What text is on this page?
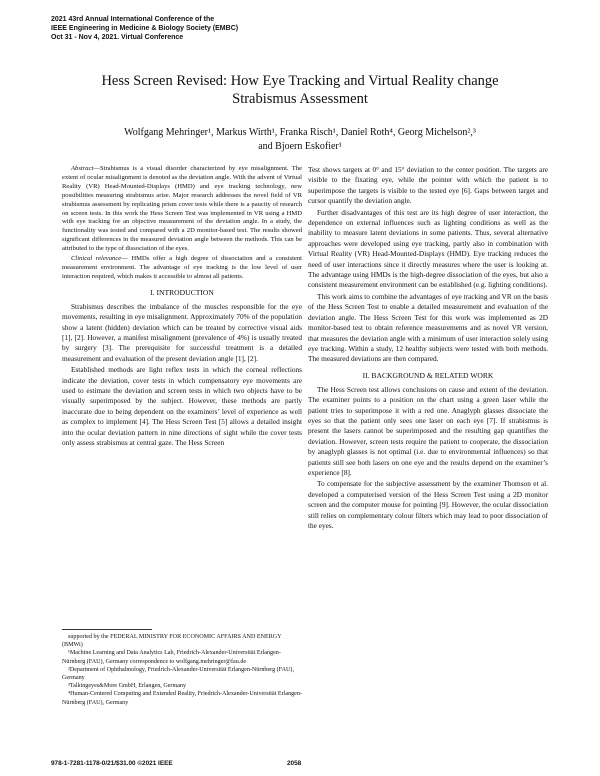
2021 43rd Annual International Conference of the
IEEE Engineering in Medicine & Biology Society (EMBC)
Oct 31 - Nov 4, 2021. Virtual Conference
Hess Screen Revised: How Eye Tracking and Virtual Reality change
Strabismus Assessment
Wolfgang Mehringer¹, Markus Wirth¹, Franka Risch¹, Daniel Roth⁴, Georg Michelson²,³
and Bjoern Eskofier¹

Abstract—Strabismus is a visual disorder characterized by eye misalignment. The extent of ocular misalignment is denoted as the deviation angle. With the advent of Virtual Reality (VR) Head-Mounted-Displays (HMD) and eye tracking technology, new possibilities measuring strabismus arise. Major research addresses the novel field of VR strabismus assessment by replicating prism cover tests while there is a paucity of research on screen tests. In this work the Hess Screen Test was implemented in VR using a HMD with eye tracking for an objective measurement of the deviation angle. In a study, the functionality was tested and compared with a 2D monitor-based test. The results showed significant differences in the measured deviation angle between the methods. This can be attributed to the type of dissociation of the eyes.

Clinical relevance— HMDs offer a high degree of dissociation and a consistent measurement environment. The advantage of eye tracking is the low level of user interaction required, which makes it accessible to almost all patients.

I. INTRODUCTION

Strabismus describes the imbalance of the muscles responsible for the eye movements, resulting in eye misalignment. Approximately 70% of the population show a latent (hidden) deviation which can be treated by corrective visual aids [1], [2]. However, a manifest misalignment (prevalence of 4%) is usually treated by surgery [3]. The prerequisite for successful treatment is a detailed measurement and evaluation of the present deviation angle [1], [2].

Established methods are light reflex tests in which the corneal reflections indicate the deviation, cover tests in which compensatory eye movements are used to estimate the deviation and screen tests in which two objects have to be visually superimposed by the subject. However, these methods are partly inaccurate due to being dependent on the examiners’ level of experience as well as complex to implement [4]. The Hess Screen Test [5] allows a detailed insight into the ocular deviation pattern in nine directions of sight while the cover tests only assess strabismus at central gaze. The Hess Screen

Test shows targets at 0° and 15° deviation to the center position. The targets are visible to the fixating eye, while the pointer with which the patient is to superimpose the targets is visible to the tested eye [6]. Gaps between target and cursor quantify the deviation angle.

Further disadvantages of this test are its high degree of user interaction, the dependence on external influences such as lighting conditions as well as the inability to measure latent deviations in some patients. Thus, several alternative approaches were developed using eye tracking, partly also in combination with Virtual Reality (VR) Head-Mounted-Displays (HMD). Eye tracking reduces the need of user interactions since it directly measures where the user is looking at. The advantage using HMDs is the high-degree dissociation of the eyes, but also a consistent measurement environment can be established (e.g. lighting conditions).

This work aims to combine the advantages of eye tracking and VR on the basis of the Hess Screen Test to enable a detailed measurement and evaluation of the deviation angle. The Hess Screen Test for this work was implemented as 2D monitor-based test to obtain reference measurements and as novel VR version, that measures the deviation angle with a minimum of user interaction solely using eye tracking. Within a study, 12 healthy subjects were tested with both methods. The measured deviations are then compared.

II. BACKGROUND & RELATED WORK

The Hess Screen test allows conclusions on cause and extent of the deviation. The examiner points to a position on the chart using a green laser while the patient tries to superimpose it with a red one. Anaglyph glasses dissociate the eyes so that the patient only sees one laser on each eye [7]. If strabismus is present the lasers cannot be superimposed and the resulting gap quantifies the deviation. However, screen tests require the patient to cooperate, the dissociation by anaglyph glasses is not optimal (i.e. due to environmental influences) so that patients still see both lasers on one eye and the results depend on the examiner’s experience [8].

To compensate for the subjective assessment by the examiner Thomson et al. developed a computerised version of the Hess Screen Test using a 2D monitor screen and the computer mouse for pointing [9]. However, the ocular dissociation still relies on complementary colour filters which may lead to poor dissociation of the eyes.

supported by the FEDERAL MINISTRY FOR ECONOMIC AFFAIRS AND ENERGY (BMWi)
¹Machine Learning and Data Analytics Lab, Friedrich-Alexander-Universität Erlangen-Nürnberg (FAU), Germany correspondence to wolfgang.mehringer@fau.de
²Department of Ophthalmology, Friedrich-Alexander-Universität Erlangen-Nürnberg (FAU), Germany
³Talkingeyes&More GmbH, Erlangen, Germany
⁴Human-Centered Computing and Extended Reality, Friedrich-Alexander-Universität Erlangen-Nürnberg (FAU), Germany
978-1-7281-1178-0/21/$31.00 ©2021 IEEE	2058
